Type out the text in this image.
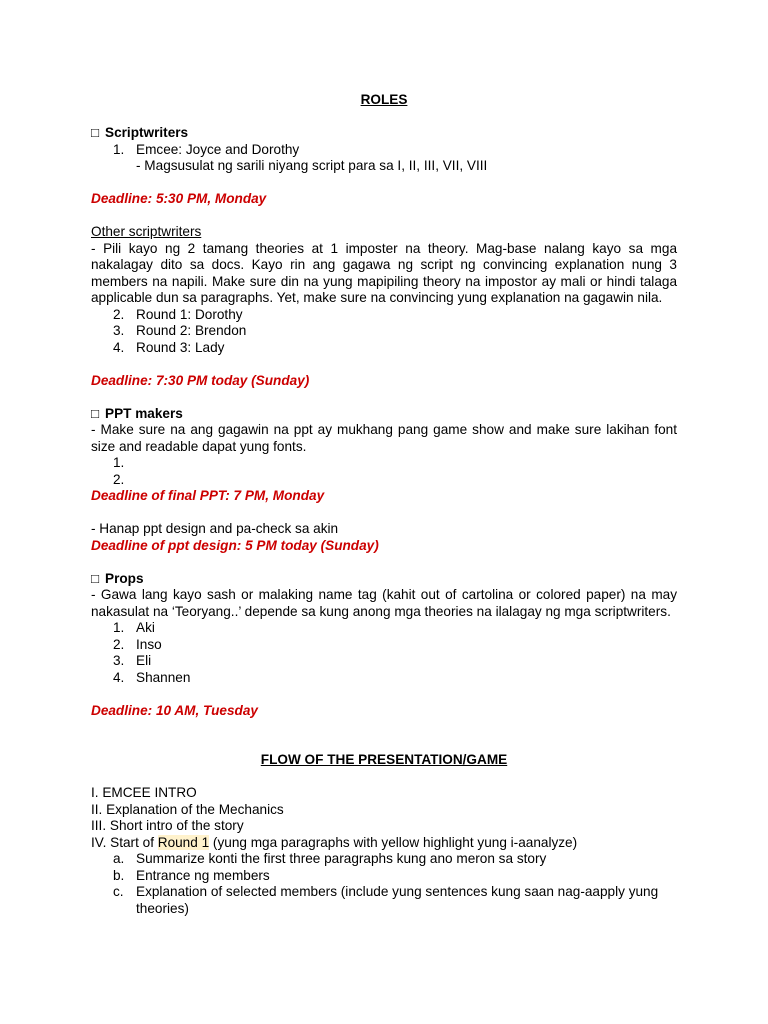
ROLES

□ Scriptwriters

1. Emcee: Joyce and Dorothy

- Magsusulat ng sarili niyang script para sa I, II, III, VII, VIII

Deadline: 5:30 PM, Monday

Other scriptwriters

- Pili kayo ng 2 tamang theories at 1 imposter na theory. Mag-base nalang kayo sa mga nakalagay dito sa docs. Kayo rin ang gagawa ng script ng convincing explanation nung 3 members na napili. Make sure din na yung mapipiling theory na impostor ay mali or hindi talaga applicable dun sa paragraphs. Yet, make sure na convincing yung explanation na gagawin nila.

2. Round 1: Dorothy
3. Round 2: Brendon
4. Round 3: Lady

Deadline: 7:30 PM today (Sunday)

□ PPT makers

- Make sure na ang gagawin na ppt ay mukhang pang game show and make sure lakihan font size and readable dapat yung fonts.

1.
2.

Deadline of final PPT: 7 PM, Monday

- Hanap ppt design and pa-check sa akin

Deadline of ppt design: 5 PM today (Sunday)

□ Props

- Gawa lang kayo sash or malaking name tag (kahit out of cartolina or colored paper) na may nakasulat na ‘Teoryang..’ depende sa kung anong mga theories na ilalagay ng mga scriptwriters.

1. Aki
2. Inso
3. Eli
4. Shannen

Deadline: 10 AM, Tuesday

FLOW OF THE PRESENTATION/GAME

I. EMCEE INTRO

II. Explanation of the Mechanics

III. Short intro of the story

IV. Start of Round 1 (yung mga paragraphs with yellow highlight yung i-aanalyze)

a. Summarize konti the first three paragraphs kung ano meron sa story
b. Entrance ng members
c. Explanation of selected members (include yung sentences kung saan nag-aapply yung theories)
